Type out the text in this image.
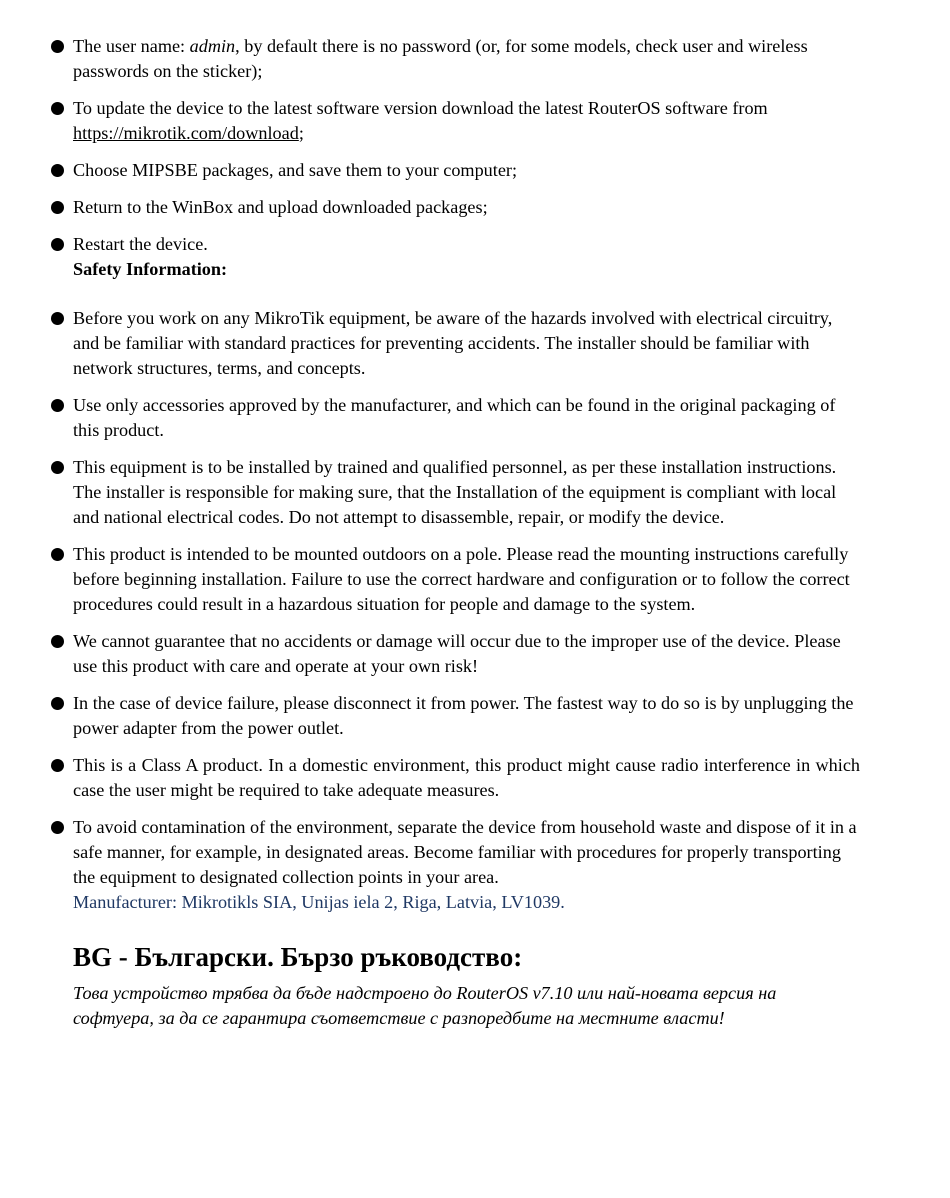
The user name: admin, by default there is no password (or, for some models, check user and wireless passwords on the sticker);
To update the device to the latest software version download the latest RouterOS software from https://mikrotik.com/download;
Choose MIPSBE packages, and save them to your computer;
Return to the WinBox and upload downloaded packages;
Restart the device.
Safety Information:
Before you work on any MikroTik equipment, be aware of the hazards involved with electrical circuitry, and be familiar with standard practices for preventing accidents. The installer should be familiar with network structures, terms, and concepts.
Use only accessories approved by the manufacturer, and which can be found in the original packaging of this product.
This equipment is to be installed by trained and qualified personnel, as per these installation instructions. The installer is responsible for making sure, that the Installation of the equipment is compliant with local and national electrical codes. Do not attempt to disassemble, repair, or modify the device.
This product is intended to be mounted outdoors on a pole. Please read the mounting instructions carefully before beginning installation. Failure to use the correct hardware and configuration or to follow the correct procedures could result in a hazardous situation for people and damage to the system.
We cannot guarantee that no accidents or damage will occur due to the improper use of the device. Please use this product with care and operate at your own risk!
In the case of device failure, please disconnect it from power. The fastest way to do so is by unplugging the power adapter from the power outlet.
This is a Class A product. In a domestic environment, this product might cause radio interference in which case the user might be required to take adequate measures.
To avoid contamination of the environment, separate the device from household waste and dispose of it in a safe manner, for example, in designated areas. Become familiar with procedures for properly transporting the equipment to designated collection points in your area.
Manufacturer: Mikrotikls SIA, Unijas iela 2, Riga, Latvia, LV1039.
BG - Български. Бързо ръководство:
Това устройство трябва да бъде надстроено до RouterOS v7.10 или най-новата версия на софтуера, за да се гарантира съответствие с разпоредбите на местните власти!
